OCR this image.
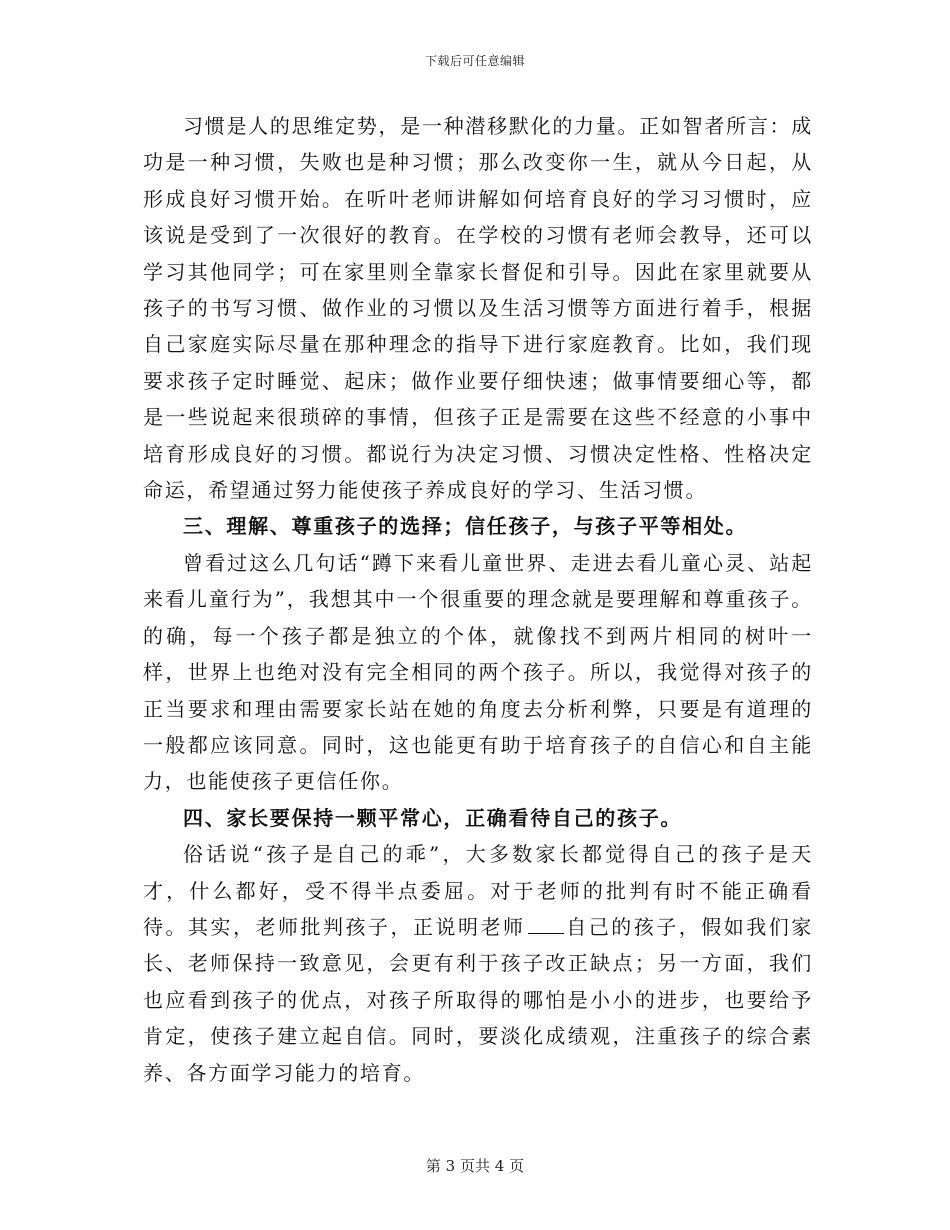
下载后可任意编辑

习惯是人的思维定势，是一种潜移默化的力量。正如智者所言：成功是一种习惯，失败也是种习惯；那么改变你一生，就从今日起，从形成良好习惯开始。在听叶老师讲解如何培育良好的学习习惯时，应该说是受到了一次很好的教育。在学校的习惯有老师会教导，还可以学习其他同学；可在家里则全靠家长督促和引导。因此在家里就要从孩子的书写习惯、做作业的习惯以及生活习惯等方面进行着手，根据自己家庭实际尽量在那种理念的指导下进行家庭教育。比如，我们现要求孩子定时睡觉、起床；做作业要仔细快速；做事情要细心等，都是一些说起来很琐碎的事情，但孩子正是需要在这些不经意的小事中培育形成良好的习惯。都说行为决定习惯、习惯决定性格、性格决定命运，希望通过努力能使孩子养成良好的学习、生活习惯。

三、理解、尊重孩子的选择；信任孩子，与孩子平等相处。

曾看过这么几句话“蹲下来看儿童世界、走进去看儿童心灵、站起来看儿童行为”，我想其中一个很重要的理念就是要理解和尊重孩子。的确，每一个孩子都是独立的个体，就像找不到两片相同的树叶一样，世界上也绝对没有完全相同的两个孩子。所以，我觉得对孩子的正当要求和理由需要家长站在她的角度去分析利弊，只要是有道理的一般都应该同意。同时，这也能更有助于培育孩子的自信心和自主能力，也能使孩子更信任你。

四、家长要保持一颗平常心，正确看待自己的孩子。

俗话说“孩子是自己的乖”，大多数家长都觉得自己的孩子是天才，什么都好，受不得半点委屈。对于老师的批判有时不能正确看待。其实，老师批判孩子，正说明老师 自己的孩子，假如我们家长、老师保持一致意见，会更有利于孩子改正缺点；另一方面，我们也应看到孩子的优点，对孩子所取得的哪怕是小小的进步，也要给予肯定，使孩子建立起自信。同时，要淡化成绩观，注重孩子的综合素养、各方面学习能力的培育。

第 3 页共 4 页
